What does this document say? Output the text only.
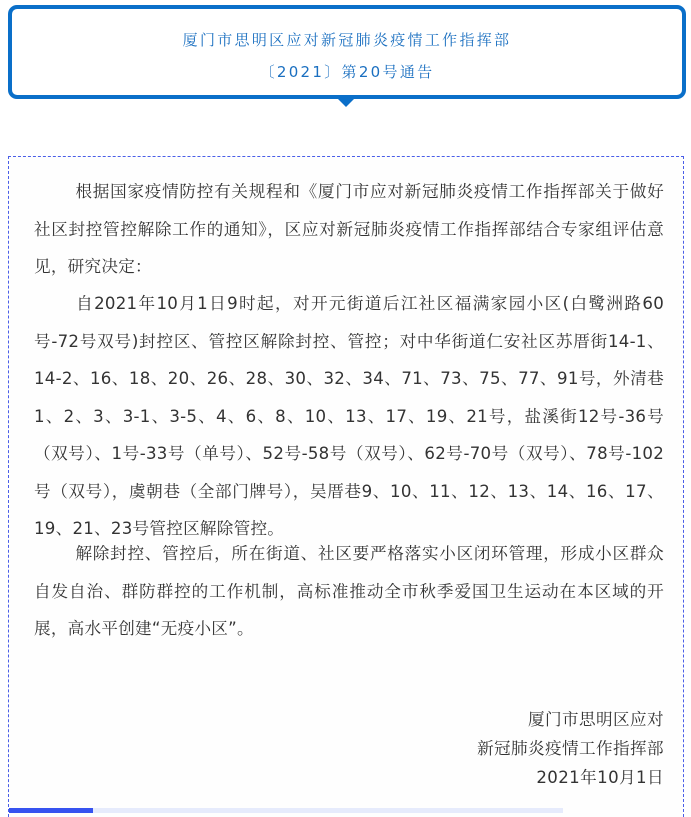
厦门市思明区应对新冠肺炎疫情工作指挥部
〔2021〕第20号通告

根据国家疫情防控有关规程和《厦门市应对新冠肺炎疫情工作指挥部关于做好社区封控管控解除工作的通知》，区应对新冠肺炎疫情工作指挥部结合专家组评估意见，研究决定：

自2021年10月1日9时起，对开元街道后江社区福满家园小区(白鹭洲路60号-72号双号)封控区、管控区解除封控、管控；对中华街道仁安社区苏厝街14-1、14-2、16、18、20、26、28、30、32、34、71、73、75、77、91号，外清巷1、2、3、3-1、3-5、4、6、8、10、13、17、19、21号，盐溪街12号-36号（双号）、1号-33号（单号）、52号-58号（双号）、62号-70号（双号）、78号-102号（双号），虞朝巷（全部门牌号），吴厝巷9、10、11、12、13、14、16、17、19、21、23号管控区解除管控。

解除封控、管控后，所在街道、社区要严格落实小区闭环管理，形成小区群众自发自治、群防群控的工作机制，高标准推动全市秋季爱国卫生运动在本区域的开展，高水平创建“无疫小区”。

厦门市思明区应对
新冠肺炎疫情工作指挥部
2021年10月1日
